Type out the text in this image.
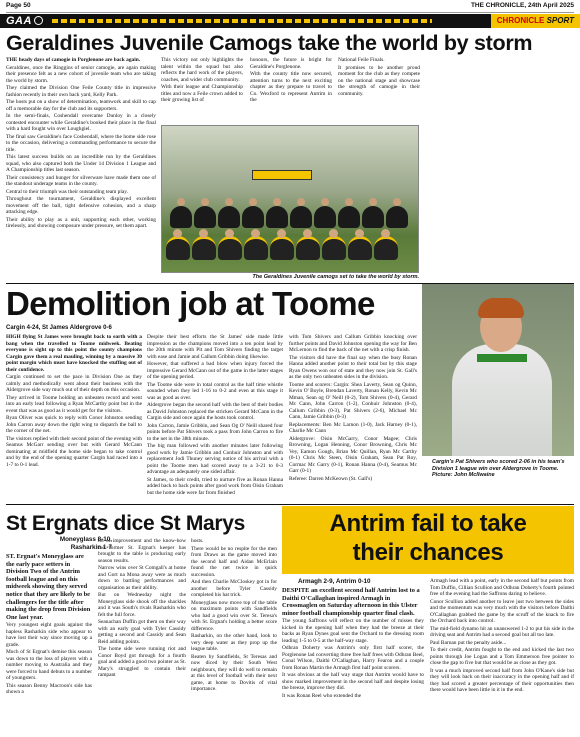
Page 50	THE CHRONICLE, 24th April 2025
GAA	CHRONICLE SPORT
Geraldines Juvenile Camogs take the world by storm

THE heady days of camogie in Porglenone are back again.

Geraldines, once the Ringgins of senior camogie, are again making their presence felt as a new cohort of juvenile team who are taking the world by storm.

They claimed the Division One Feile County title in impressive fashion recently in their own back yard, Kelly Park.

The hosts put on a show of determination, teamwork and skill to cap off a memorable day for the club and its supporters.

In the semi-finals, Coshendall overcame Dunloy in a closely contested encounter while Geraldine's booked their place in the final with a hard fought win over Loughgiel.

The final saw Geraldine's face Coshendall, where the home side rose to the occasion, delivering a commanding performance to secure the title.

This latest success builds on an incredible run by the Geraldines squad, who also captured both the Under 14 Division 1 League and A Championship titles last season.

Their consistency and hunger for silverware have made them one of the standout underage teams in the county.

Central to their triumph was their outstanding team play.

Throughout the tournament, Geraldine's displayed excellent movement off the ball, tight defensive cohesion, and a sharp attacking edge.

Their ability to play as a unit, supporting each other, working tirelessly, and showing composure under pressure, set them apart.

This victory not only highlights the talent within the squad but also reflects the hard work of the players, coaches, and wider club community.

With their league and Championship titles and now a Feile crown added to their growing list of

honours, the future is bright for Geraldine's Porglenone.

With the county title now secured, attention turns to the next exciting chapter as they prepare to travel to Co. Wexford to represent Antrim in the

National Feile Finals.

It promises to be another proud moment for the club as they compete on the national stage and showcase the strength of camogie in their community.

The Geraldines Juvenile camogs set to take the world by storm.
Demolition job at Toome
Cargin 4-24, St James Aldergrove 0-6

HIGH flying St James were brought back to earth with a bang when the travelled to Toome midweek. Beating everyone is sight up to this point the county champions Cargin gave them a real mauling, winning by a massive 30 point margin which must have knocked the stuffing out of their confidence.

Cargin continued to set the pace in Division One as they calmly and methodically went about their business with the Aldergrove side way much out of their depth on this occasion.

They arrived in Toome holding an unbeaten record and went into an early lead following a Ryan McCarthy point but in the event that was as good as it would get for the visitors.

Ryan Oliver was quick to reply with Conor Johnston sending John Carron away down the right wing to dispatch the ball to the corner of the net.

The visitors replied with their second point of the evening with Seamus McGarr sending over but with Gerard McCann dominating at midfield the home side began to take control and by the end of the opening quarter Cargin had raced into a 1-7 to 0-1 lead.

Despite their best efforts the St James' side made little impression as the champions moved into a ten point lead by the 20th minute with Pit and Tom Shivers finding the target with ease and Jamie and Callum Gribbin doing likewise.

However, that suffered a bad blow when injury forced the impressive Gerard McCann out of the game in the latter stages of the opening period.

The Toome side were in total control as the half time whistle sounded when they led 1-16 to 0-2 and even at this stage it was as good as over.

Aldergrove began the second half with the best of their bodies as David Johnston replaced the stricken Gerard McCann in the Cargin side and once again the hosts took control.

John Carron, Jamie Gribbin, and Sean Og O' Neill shared four points before Pat Shivers took a pass from John Carron to fire to the net in the 38th minute.

The big man followed with another minutes later following good work by Jamie Gribbin and Conhuir Johnston and with replacement Jodi Thuney serving notice of his arrival with a point the Toome men had scored away to a 3-21 to 0-3 advantage an adequately one sided affair.

St James, to their credit, tried to nurture five as Ronan Hanna added back to back points after good work from Oisin Graham but the home side were far from finished

with Tom Shivers and Callum Gribbin knocking over further points and David Johnston opening the way for Ben McLernon to find the back of the net with a crisp finish.

The visitors did have the final say when the busy Ronan Hanna added another point to their total but by this stage Ryan Owens won our of state and they now join St. Gall's as the only two unbeaten sides in the division.

Toome and scorers: Cargin: Shea Laverty, Sean og Quinn, Kevin O' Boyle, Brendan Laverty, Ronan Kelly, Kevin Mc Mman, Sean og O' Neill (0-2), Tom Shivers (0-4), Gerard Mc Cann, John Carron (1-2), Conhuir Johnston (0-4), Callum Gribbin (0-3), Pat Shivers (2-6), Michael Mc Cann, Jamie Gribbin (0-3)

Replacements: Ben Mc Larnon (1-0), Jack Harney (0-1), Charlie Mc Cann

Aldergrove: Oisin McGarry, Conor Magee; Chris Browning, Logan Henning, Conor Browning, Chris Mc Vey, Eamon Gough, Brian Mc Quillan, Ryan Mc Carthy (0-1) Chris Mc Steen, Oisin Graham, Sean Pat Roy, Cormac Mc Garry (0-1), Ronan Hanna (0-4), Seamus Mc Garr (0-1)

Referee: Darren McKeown (St. Gall's)

Cargin's Pat Shivers who scored 2-06 in his team's Division 1 league win over Aldergrove in Toome. Picture: John McIlwaine
St Ergnats dice St Marys
Moneyglass 8-10,
Rasharkin 1-7

ST. Ergnat's Moneyglass are the early pace setters in Division Two of the Antrim football league and on this midweek showing they served notice that they are likely to be challengers for the title after making the drop from Division One last year.

Very youngest eight goals against the hapless Rasharkin side who appear to have lost their way since moving up a grade.

Much of St Ergnat's demise this season was down to the loss of players with a number moving to Australia and they were forced to hand debuts to a number of youngsters.

This season Benny Macroon's side has shown a

lot of improvement and the know-how the former St. Ergnat's keeper has brought to the table is producing early season results.

Narrow wins over St Comgall's at home and Gort na Mona away were as much down to battling performances and organisation as their ability.

But on Wednesday night the Moneyglass side shook off the shackles and it was South's rivals Rasharkin who felt the full force.

Seanachan Duffin got them on their way with an early goal with Tyler Cassidy getting a second and Cassidy and Sean Reid adding points.

The home side were running riot and Conor Boyd got through for a fourth goal and added a good two pointer as St. Mary's struggled to contain their rampant

hosts.

There would be no respite for the men from Draws as the game moved into the second half and Aidan McErlain found the net twice in quick succession.

And then Charlie McCloskey got in for another before Tyler Cassidy completed his hat trick.

Moneyglass now move top of the table on maximum points with Sandfields who had a good win over St. Teresa's with St. Ergnat's holding a better score difference.

Rasharkin, on the other hand, look to very deep water as they prop up the league table.

Beaten by Sandfields, St Teresas and now diced by their South West neighbours, they will do well to remain at this level of football with their next game, at home to Dovitis of vital importance.

Antrim fail to take
their chances
Armagh 2-9, Antrim 0-10

DESPITE an excellent second half Antrim lost to a Daithi O'Callaghan inspired Armagh in Crossmaglen on Saturday afternoon in this Ulster minor football championship quarter final clash.

The young Saffrons will reflect on the number of misses they kicked in the opening half when they had the breeze at their backs as Ryan Dynes goal sent the Orchard to the dressing room leading 1-5 to 0-5 at the half-way stage.

Odhran Doherty was Antrim's only first half scorer, the Porglenone lad converting three free half frees with Odhran Beel, Conal Wilson, Daithi O'Callaghan, Harry Fearon and a couple from Ronan Martin the Armagh first half point scorers.

It was obvious at the half way stage that Antrim would have to show marked improvement in the second half and despite losing the breeze, improve they did.

It was Ronan Reel who extended the

Armagh lead with a point, early in the second half but points from Tom Duffin, Cillian Scullion and Odhran Doherty's fourth pointed free of the evening had the Saffrons daring to believe.

Conor Scullion added another to leave just two between the sides and the momentum was very much with the visitors before Daithi O'Callaghan grabbed the game by the scruff of the knack to fire the Orchard back into control.

The mid-field dynamo hit an unanswered 1-2 to put his side in the driving seat and Antrim had a second goal but all too late.

Paul Barnan put the penalty aside...

To their credit, Antrim fought to the end and kicked the last two points through Joe Logan and a Tom Emmerson free pointer to close the gap to five but that would be as close as they got.

It was a much improved second half from John O'Kane's side but they will look back on their inaccuracy in the opening half and if they had scored a greater percentage of their opportunities then there would have been little in it in the end.
